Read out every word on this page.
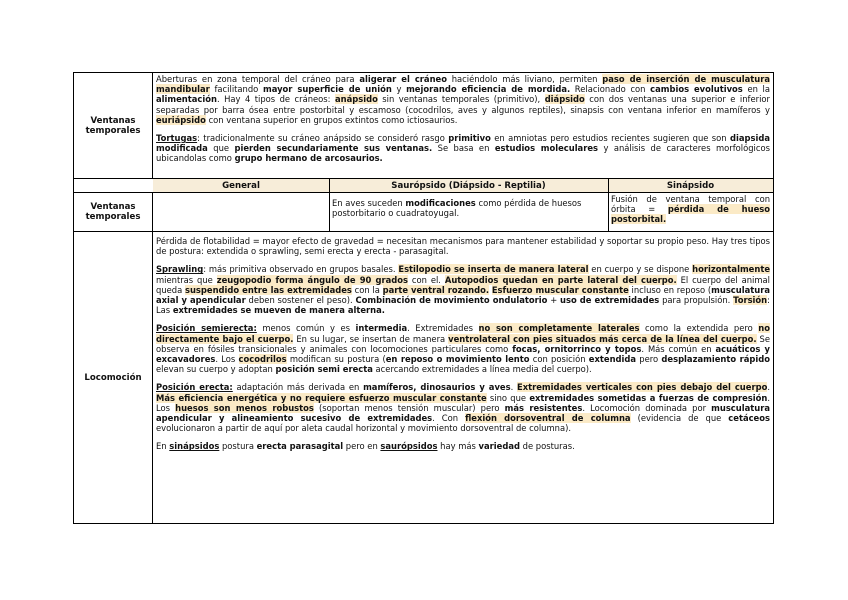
Ventanas temporales

Aberturas en zona temporal del cráneo para aligerar el cráneo haciéndolo más liviano, permiten paso de inserción de musculatura mandibular facilitando mayor superficie de unión y mejorando eficiencia de mordida. Relacionado con cambios evolutivos en la alimentación. Hay 4 tipos de cráneos: anápsido sin ventanas temporales (primitivo), diápsido con dos ventanas una superior e inferior separadas por barra ósea entre postorbital y escamoso (cocodrilos, aves y algunos reptiles), sinapsis con ventana inferior en mamíferos y euriápsido con ventana superior en grupos extintos como ictiosaurios.

Tortugas: tradicionalmente su cráneo anápsido se consideró rasgo primitivo en amniotas pero estudios recientes sugieren que son diapsida modificada que pierden secundariamente sus ventanas. Se basa en estudios moleculares y análisis de caracteres morfológicos ubicandolas como grupo hermano de arcosaurios.

General	Saurópsido (Diápsido - Reptilia)	Sinápsido
Ventanas temporales
En aves suceden modificaciones como pérdida de huesos postorbitario o cuadratoyugal.
Fusión de ventana temporal con órbita = pérdida de hueso postorbital.
Locomoción

Pérdida de flotabilidad = mayor efecto de gravedad = necesitan mecanismos para mantener estabilidad y soportar su propio peso. Hay tres tipos de postura: extendida o sprawling, semi erecta y erecta - parasagital.

Sprawling: más primitiva observado en grupos basales. Estilopodio se inserta de manera lateral en cuerpo y se dispone horizontalmente mientras que zeugopodio forma ángulo de 90 grados con el. Autopodios quedan en parte lateral del cuerpo. El cuerpo del animal queda suspendido entre las extremidades con la parte ventral rozando. Esfuerzo muscular constante incluso en reposo (musculatura axial y apendicular deben sostener el peso). Combinación de movimiento ondulatorio + uso de extremidades para propulsión. Torsión: Las extremidades se mueven de manera alterna.

Posición semierecta: menos común y es intermedia. Extremidades no son completamente laterales como la extendida pero no directamente bajo el cuerpo. En su lugar, se insertan de manera ventrolateral con pies situados más cerca de la línea del cuerpo. Se observa en fósiles transicionales y animales con locomociones particulares como focas, ornitorrinco y topos. Más común en acuáticos y excavadores. Los cocodrilos modifican su postura (en reposo o movimiento lento con posición extendida pero desplazamiento rápido elevan su cuerpo y adoptan posición semi erecta acercando extremidades a línea media del cuerpo).

Posición erecta: adaptación más derivada en mamíferos, dinosaurios y aves. Extremidades verticales con pies debajo del cuerpo. Más eficiencia energética y no requiere esfuerzo muscular constante sino que extremidades sometidas a fuerzas de compresión. Los huesos son menos robustos (soportan menos tensión muscular) pero más resistentes. Locomoción dominada por musculatura apendicular y alineamiento sucesivo de extremidades. Con flexión dorsoventral de columna (evidencia de que cetáceos evolucionaron a partir de aquí por aleta caudal horizontal y movimiento dorsoventral de columna).

En sinápsidos postura erecta parasagital pero en saurópsidos hay más variedad de posturas.
